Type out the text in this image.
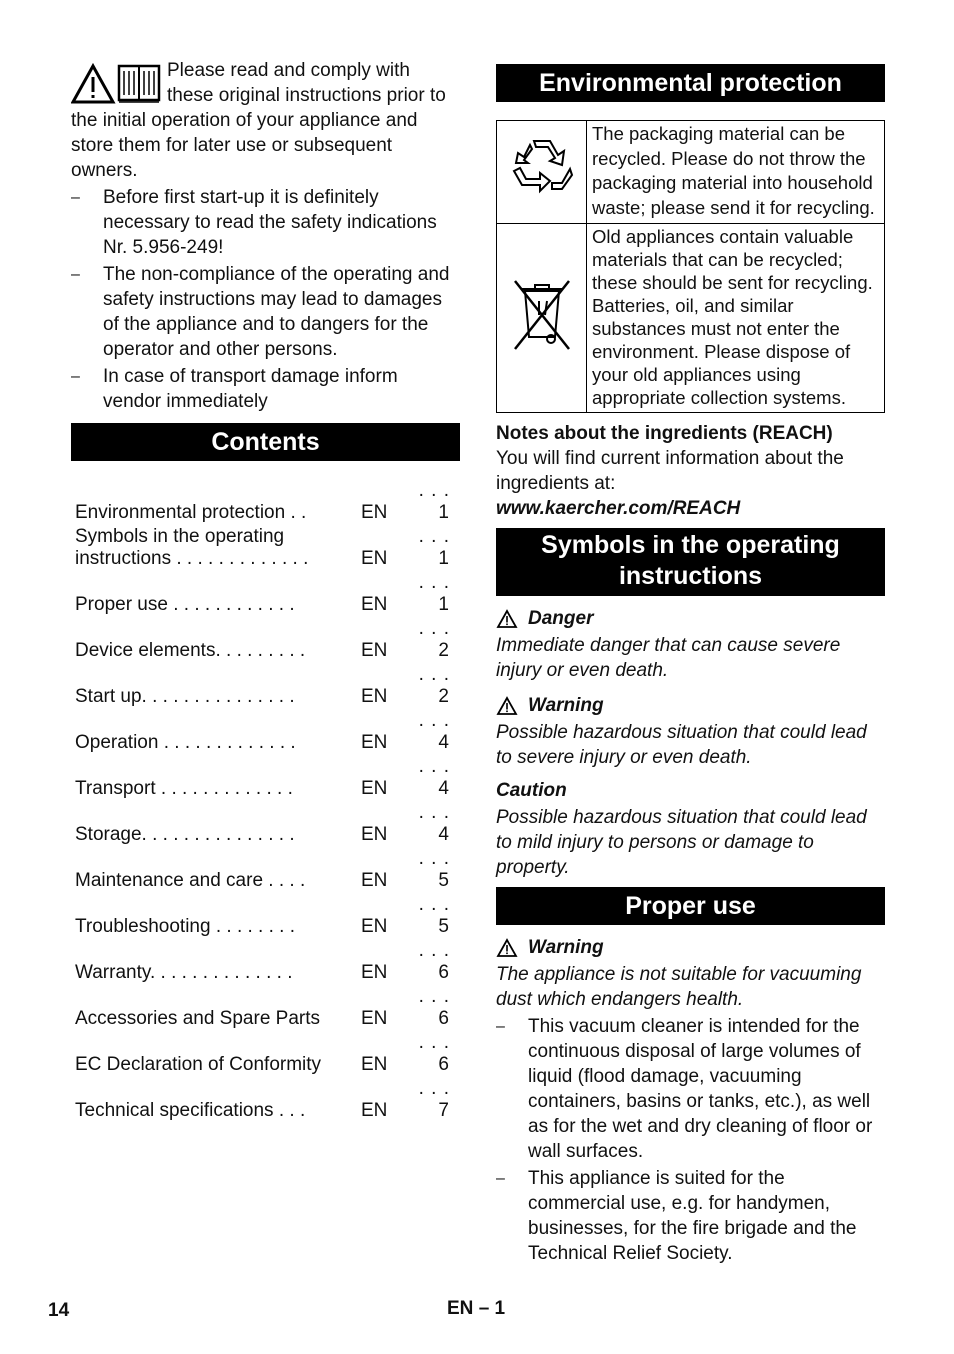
Please read and comply with these original instructions prior to the initial operation of your appliance and store them for later use or subsequent owners.

– Before first start-up it is definitely necessary to read the safety indications Nr. 5.956-249!
– The non-compliance of the operating and safety instructions may lead to damages of the appliance and to dangers for the operator and other persons.
– In case of transport damage inform vendor immediately
Contents
Environmental protection . .	EN	. . . 1
Symbols in the operating instructions . . . . . . . . . . . . .	EN	. . . 1
Proper use . . . . . . . . . . . .	EN	. . . 1
Device elements. . . . . . . . .	EN	. . . 2
Start up. . . . . . . . . . . . . . .	EN	. . . 2
Operation . . . . . . . . . . . . .	EN	. . . 4
Transport . . . . . . . . . . . . .	EN	. . . 4
Storage. . . . . . . . . . . . . . .	EN	. . . 4
Maintenance and care . . . .	EN	. . . 5
Troubleshooting . . . . . . . .	EN	. . . 5
Warranty. . . . . . . . . . . . . .	EN	. . . 6
Accessories and Spare Parts	EN	. . . 6
EC Declaration of Conformity	EN	. . . 6
Technical specifications . . .	EN	. . . 7
Environmental protection
	The packaging material can be recycled. Please do not throw the packaging material into household waste; please send it for recycling.
	Old appliances contain valuable materials that can be recycled; these should be sent for recycling. Batteries, oil, and similar substances must not enter the environment. Please dispose of your old appliances using appropriate collection systems.

Notes about the ingredients (REACH)

You will find current information about the ingredients at:

www.kaercher.com/REACH

Symbols in the operating instructions
Danger

Immediate danger that can cause severe injury or even death.

Warning

Possible hazardous situation that could lead to severe injury or even death.

Caution

Possible hazardous situation that could lead to mild injury to persons or damage to property.

Proper use
Warning

The appliance is not suitable for vacuuming dust which endangers health.

– This vacuum cleaner is intended for the continuous disposal of large volumes of liquid (flood damage, vacuuming containers, basins or tanks, etc.), as well as for the wet and dry cleaning of floor or wall surfaces.
– This appliance is suited for the commercial use, e.g. for handymen, businesses, for the fire brigade and the Technical Relief Society.
14	EN – 1
